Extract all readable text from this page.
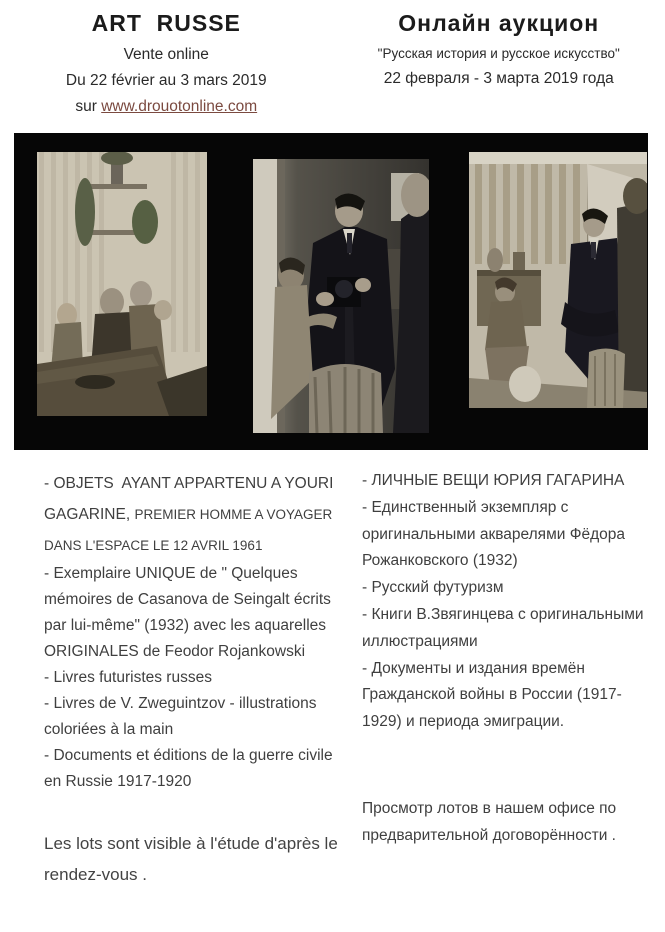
ART  RUSSE
Vente online
Du 22 février au 3 mars 2019
sur www.drouotonline.com
Онлайн аукцион
"Русская история и русское искусство"
22 февраля - 3 марта 2019 года

- OBJETS  AYANT APPARTENU A YOURI GAGARINE, PREMIER HOMME A VOYAGER DANS L'ESPACE LE 12 AVRIL 1961

- Exemplaire UNIQUE de " Quelques mémoires de Casanova de Seingalt écrits par lui-même" (1932) avec les aquarelles ORIGINALES de Feodor Rojankowski

- Livres futuristes russes

- Livres de V. Zweguintzov - illustrations coloriées à la main

- Documents et éditions de la guerre civile en Russie 1917-1920

Les lots sont visible à l'étude d'après le rendez-vous .

- ЛИЧНЫЕ ВЕЩИ ЮРИЯ ГАГАРИНА

- Единственный экземпляр с оригинальными акварелями Фёдора Рожанковского (1932)

- Русский футуризм

- Книги В.Звягинцева с оригинальными иллюстрациями

- Документы и издания времён Гражданской войны в России (1917-1929) и периода эмиграции.

Просмотр лотов в нашем офисе по предварительной договорённости .
